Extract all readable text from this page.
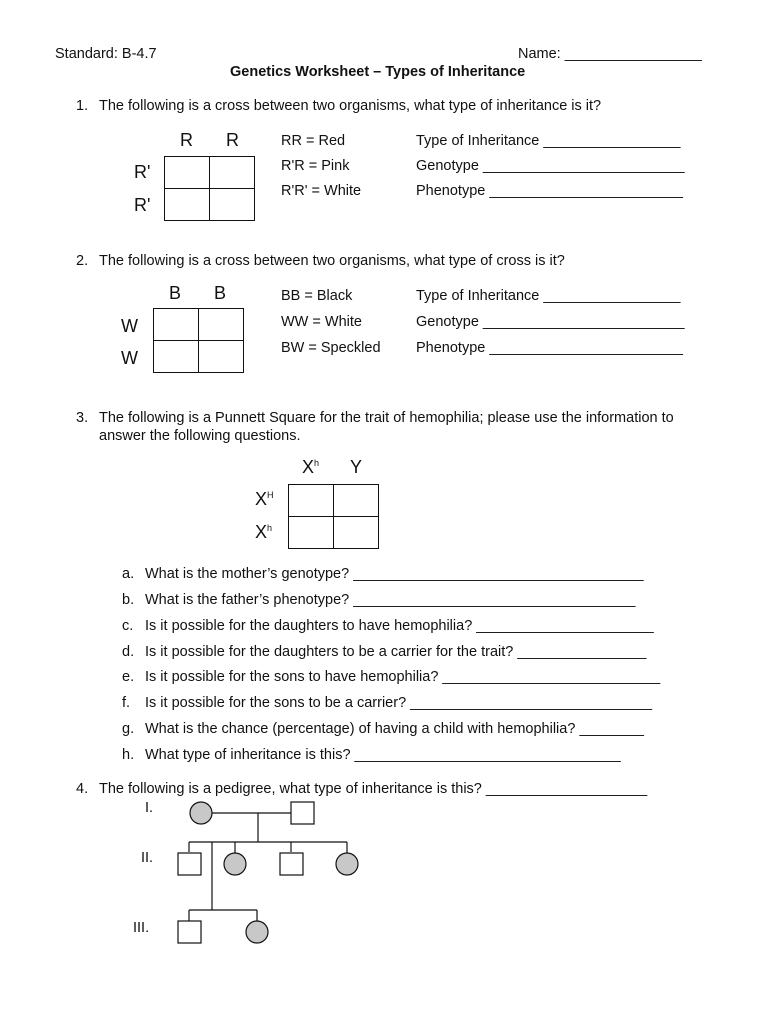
Standard: B-4.7	Name: _________________
Genetics Worksheet – Types of Inheritance
1. The following is a cross between two organisms, what type of inheritance is it?
R R
R'
R'

RR = Red
R'R = Pink
R'R' = White
Type of Inheritance _________________
Genotype _________________________
Phenotype ________________________
2. The following is a cross between two organisms, what type of cross is it?
B B
W
W

BB = Black
WW = White
BW = Speckled
Type of Inheritance _________________
Genotype _________________________
Phenotype ________________________
3. The following is a Punnett Square for the trait of hemophilia; please use the information to
answer the following questions.
$X^h$ Y
$X^H$
$X^h$

a. What is the mother’s genotype? ____________________________________
b. What is the father’s phenotype? ___________________________________
c. Is it possible for the daughters to have hemophilia? ______________________
d. Is it possible for the daughters to be a carrier for the trait? ________________
e. Is it possible for the sons to have hemophilia? ___________________________
f. Is it possible for the sons to be a carrier? ______________________________
g. What is the chance (percentage) of having a child with hemophilia? ________
h. What type of inheritance is this? _________________________________
4. The following is a pedigree, what type of inheritance is this? ____________________
I.
II.
III.
